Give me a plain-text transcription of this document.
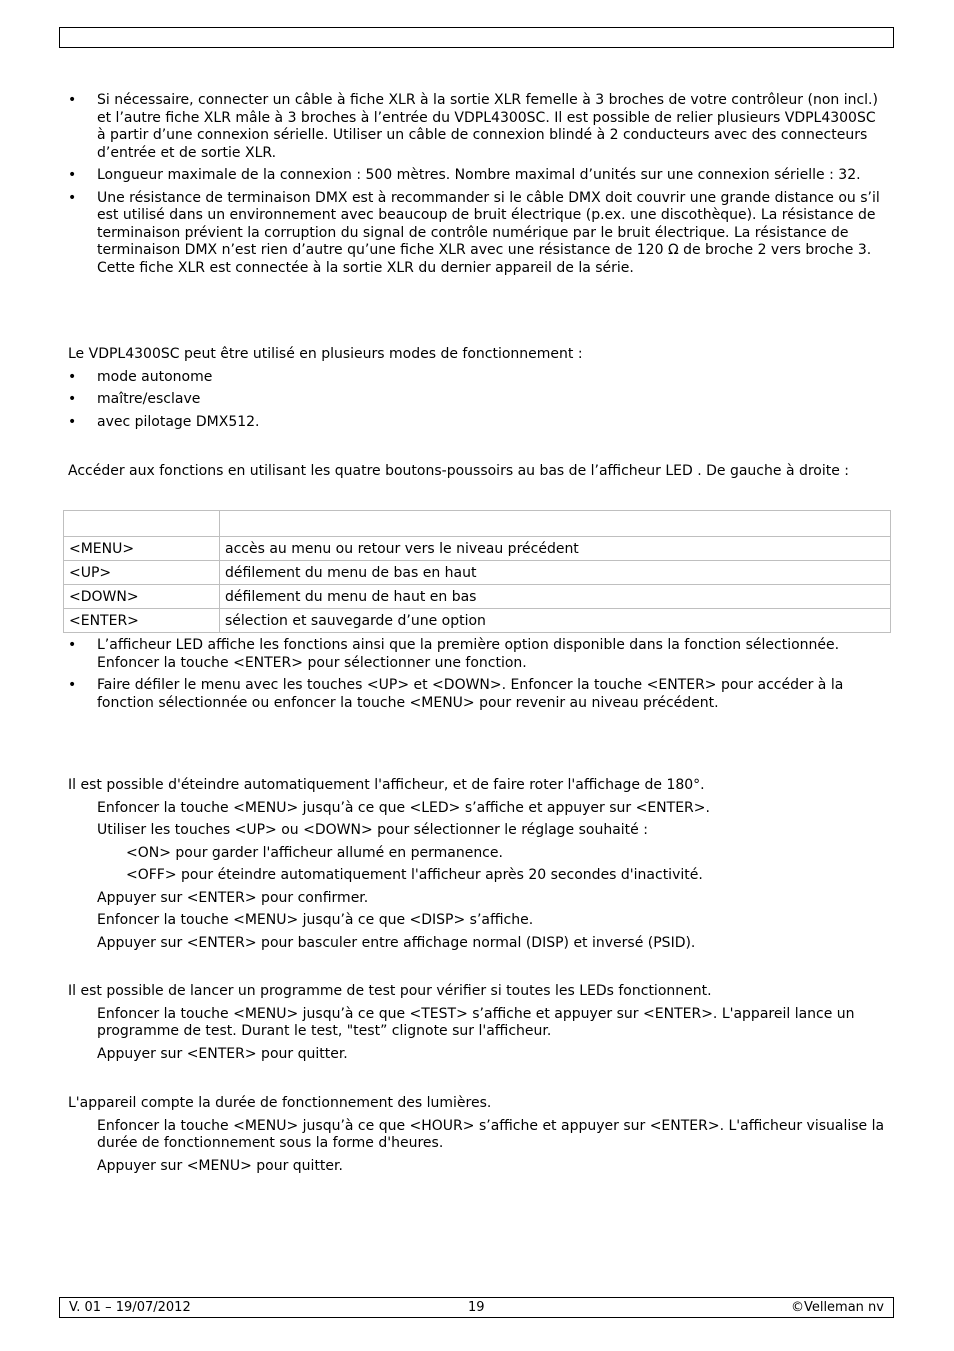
• Si nécessaire, connecter un câble à fiche XLR à la sortie XLR femelle à 3 broches de votre contrôleur (non incl.) et l’autre fiche XLR mâle à 3 broches à l’entrée du VDPL4300SC. Il est possible de relier plusieurs VDPL4300SC à partir d’une connexion sérielle. Utiliser un câble de connexion blindé à 2 conducteurs avec des connecteurs d’entrée et de sortie XLR.

• Longueur maximale de la connexion : 500 mètres. Nombre maximal d’unités sur une connexion sérielle : 32.

• Une résistance de terminaison DMX est à recommander si le câble DMX doit couvrir une grande distance ou s’il est utilisé dans un environnement avec beaucoup de bruit électrique (p.ex. une discothèque). La résistance de terminaison prévient la corruption du signal de contrôle numérique par le bruit électrique. La résistance de terminaison DMX n’est rien d’autre qu’une fiche XLR avec une résistance de 120 Ω de broche 2 vers broche 3. Cette fiche XLR est connectée à la sortie XLR du dernier appareil de la série.

Le VDPL4300SC peut être utilisé en plusieurs modes de fonctionnement :

• mode autonome

• maître/esclave

• avec pilotage DMX512.

Accéder aux fonctions en utilisant les quatre boutons-poussoirs au bas de l’afficheur LED . De gauche à droite :

<MENU>	accès au menu ou retour vers le niveau précédent
<UP>	défilement du menu de bas en haut
<DOWN>	défilement du menu de haut en bas
<ENTER>	sélection et sauvegarde d’une option

• L’afficheur LED affiche les fonctions ainsi que la première option disponible dans la fonction sélectionnée. Enfoncer la touche <ENTER> pour sélectionner une fonction.

• Faire défiler le menu avec les touches <UP> et <DOWN>. Enfoncer la touche <ENTER> pour accéder à la fonction sélectionnée ou enfoncer la touche <MENU> pour revenir au niveau précédent.

Il est possible d'éteindre automatiquement l'afficheur, et de faire roter l'affichage de 180°.

Enfoncer la touche <MENU> jusqu’à ce que <LED> s’affiche et appuyer sur <ENTER>.

Utiliser les touches <UP> ou <DOWN> pour sélectionner le réglage souhaité :

<ON> pour garder l'afficheur allumé en permanence.

<OFF> pour éteindre automatiquement l'afficheur après 20 secondes d'inactivité.

Appuyer sur <ENTER> pour confirmer.

Enfoncer la touche <MENU> jusqu’à ce que <DISP> s’affiche.

Appuyer sur <ENTER> pour basculer entre affichage normal (DISP) et inversé (PSID).

Il est possible de lancer un programme de test pour vérifier si toutes les LEDs fonctionnent.

Enfoncer la touche <MENU> jusqu’à ce que <TEST> s’affiche et appuyer sur <ENTER>. L'appareil lance un programme de test. Durant le test, "test” clignote sur l'afficheur.

Appuyer sur <ENTER> pour quitter.

L'appareil compte la durée de fonctionnement des lumières.

Enfoncer la touche <MENU> jusqu’à ce que <HOUR> s’affiche et appuyer sur <ENTER>. L'afficheur visualise la durée de fonctionnement sous la forme d'heures.

Appuyer sur <MENU> pour quitter.

V. 01 – 19/07/2012	19	©Velleman nv
